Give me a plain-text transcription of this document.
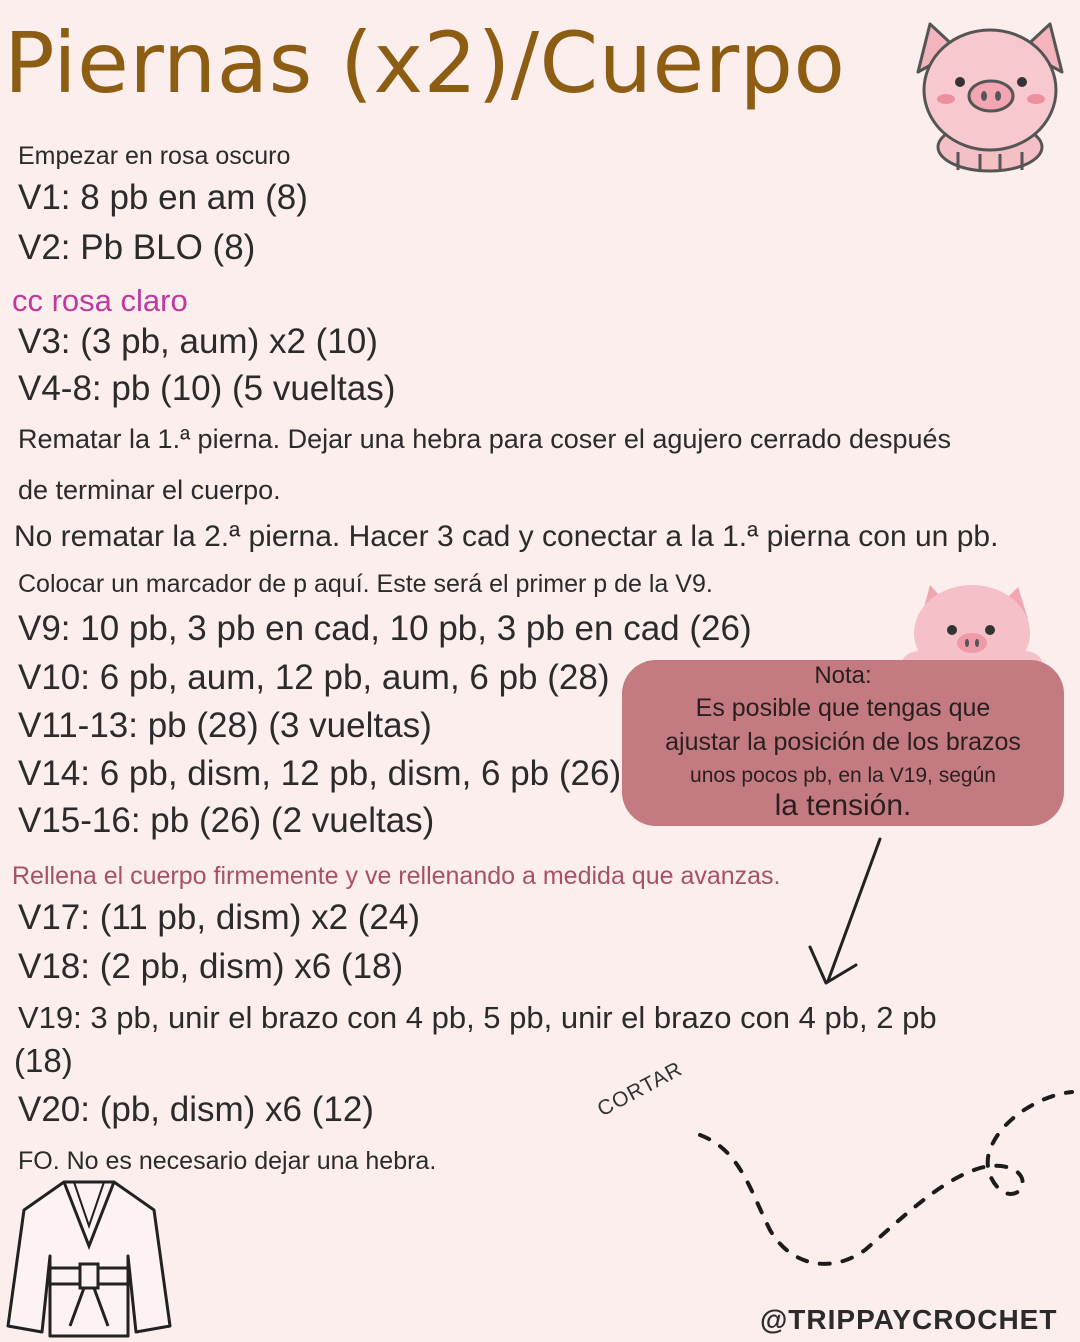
Piernas (x2)/Cuerpo
Empezar en rosa oscuro
V1: 8 pb en am (8)
V2: Pb BLO (8)
cc rosa claro
V3: (3 pb, aum) x2 (10)
V4-8: pb (10) (5 vueltas)
Rematar la 1.ª pierna. Dejar una hebra para coser el agujero cerrado después
de terminar el cuerpo.
No rematar la 2.ª pierna. Hacer 3 cad y conectar a la 1.ª pierna con un pb.
Colocar un marcador de p aquí. Este será el primer p de la V9.
V9: 10 pb, 3 pb en cad, 10 pb, 3 pb en cad (26)
V10: 6 pb, aum, 12 pb, aum, 6 pb (28)
V11-13: pb (28) (3 vueltas)
V14: 6 pb, dism, 12 pb, dism, 6 pb (26)
V15-16: pb (26) (2 vueltas)
Rellena el cuerpo firmemente y ve rellenando a medida que avanzas.
V17: (11 pb, dism) x2 (24)
V18: (2 pb, dism) x6 (18)
V19: 3 pb, unir el brazo con 4 pb, 5 pb, unir el brazo con 4 pb, 2 pb
(18)
V20: (pb, dism) x6 (12)
FO. No es necesario dejar una hebra.
Nota:
Es posible que tengas que
ajustar la posición de los brazos
unos pocos pb, en la V19, según
la tensión.
CORTAR
@TRIPPAYCROCHET
